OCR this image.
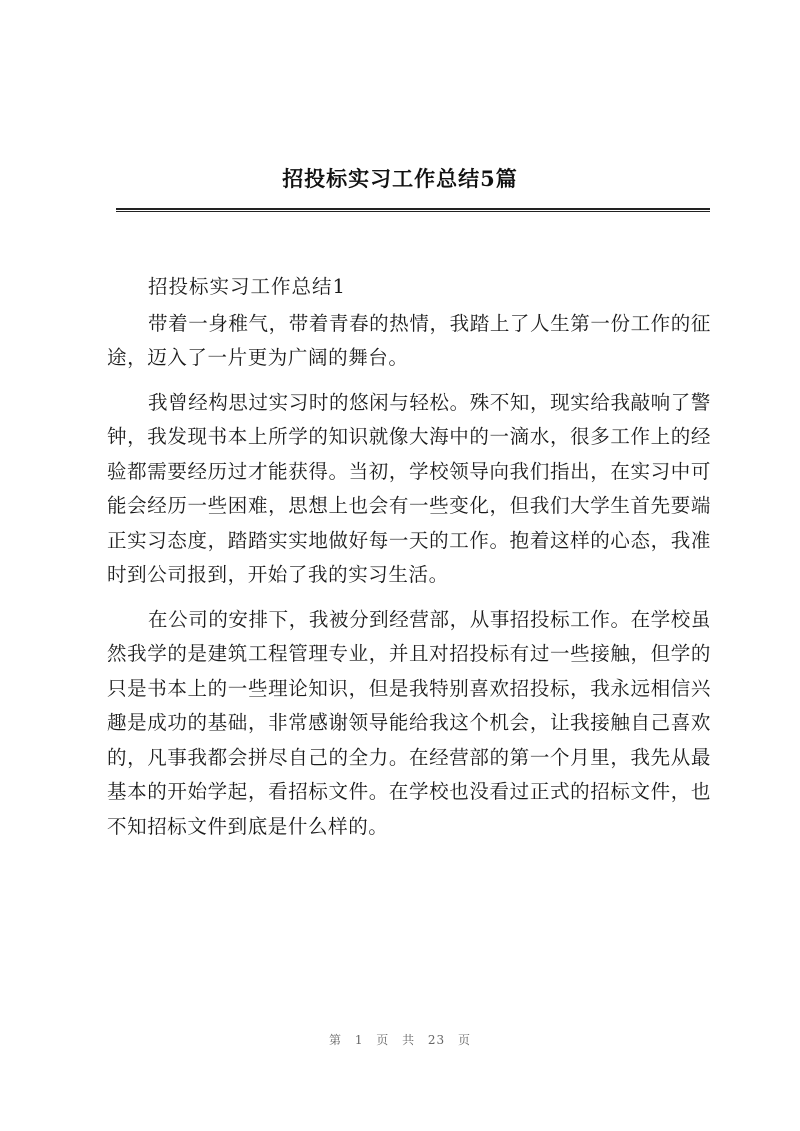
招投标实习工作总结5篇

招投标实习工作总结1

带着一身稚气，带着青春的热情，我踏上了人生第一份工作的征途，迈入了一片更为广阔的舞台。

我曾经构思过实习时的悠闲与轻松。殊不知，现实给我敲响了警钟，我发现书本上所学的知识就像大海中的一滴水，很多工作上的经验都需要经历过才能获得。当初，学校领导向我们指出，在实习中可能会经历一些困难，思想上也会有一些变化，但我们大学生首先要端正实习态度，踏踏实实地做好每一天的工作。抱着这样的心态，我准时到公司报到，开始了我的实习生活。

在公司的安排下，我被分到经营部，从事招投标工作。在学校虽然我学的是建筑工程管理专业，并且对招投标有过一些接触，但学的只是书本上的一些理论知识，但是我特别喜欢招投标，我永远相信兴趣是成功的基础，非常感谢领导能给我这个机会，让我接触自己喜欢的，凡事我都会拼尽自己的全力。在经营部的第一个月里，我先从最基本的开始学起，看招标文件。在学校也没看过正式的招标文件，也不知招标文件到底是什么样的。

第 1 页 共 23 页
